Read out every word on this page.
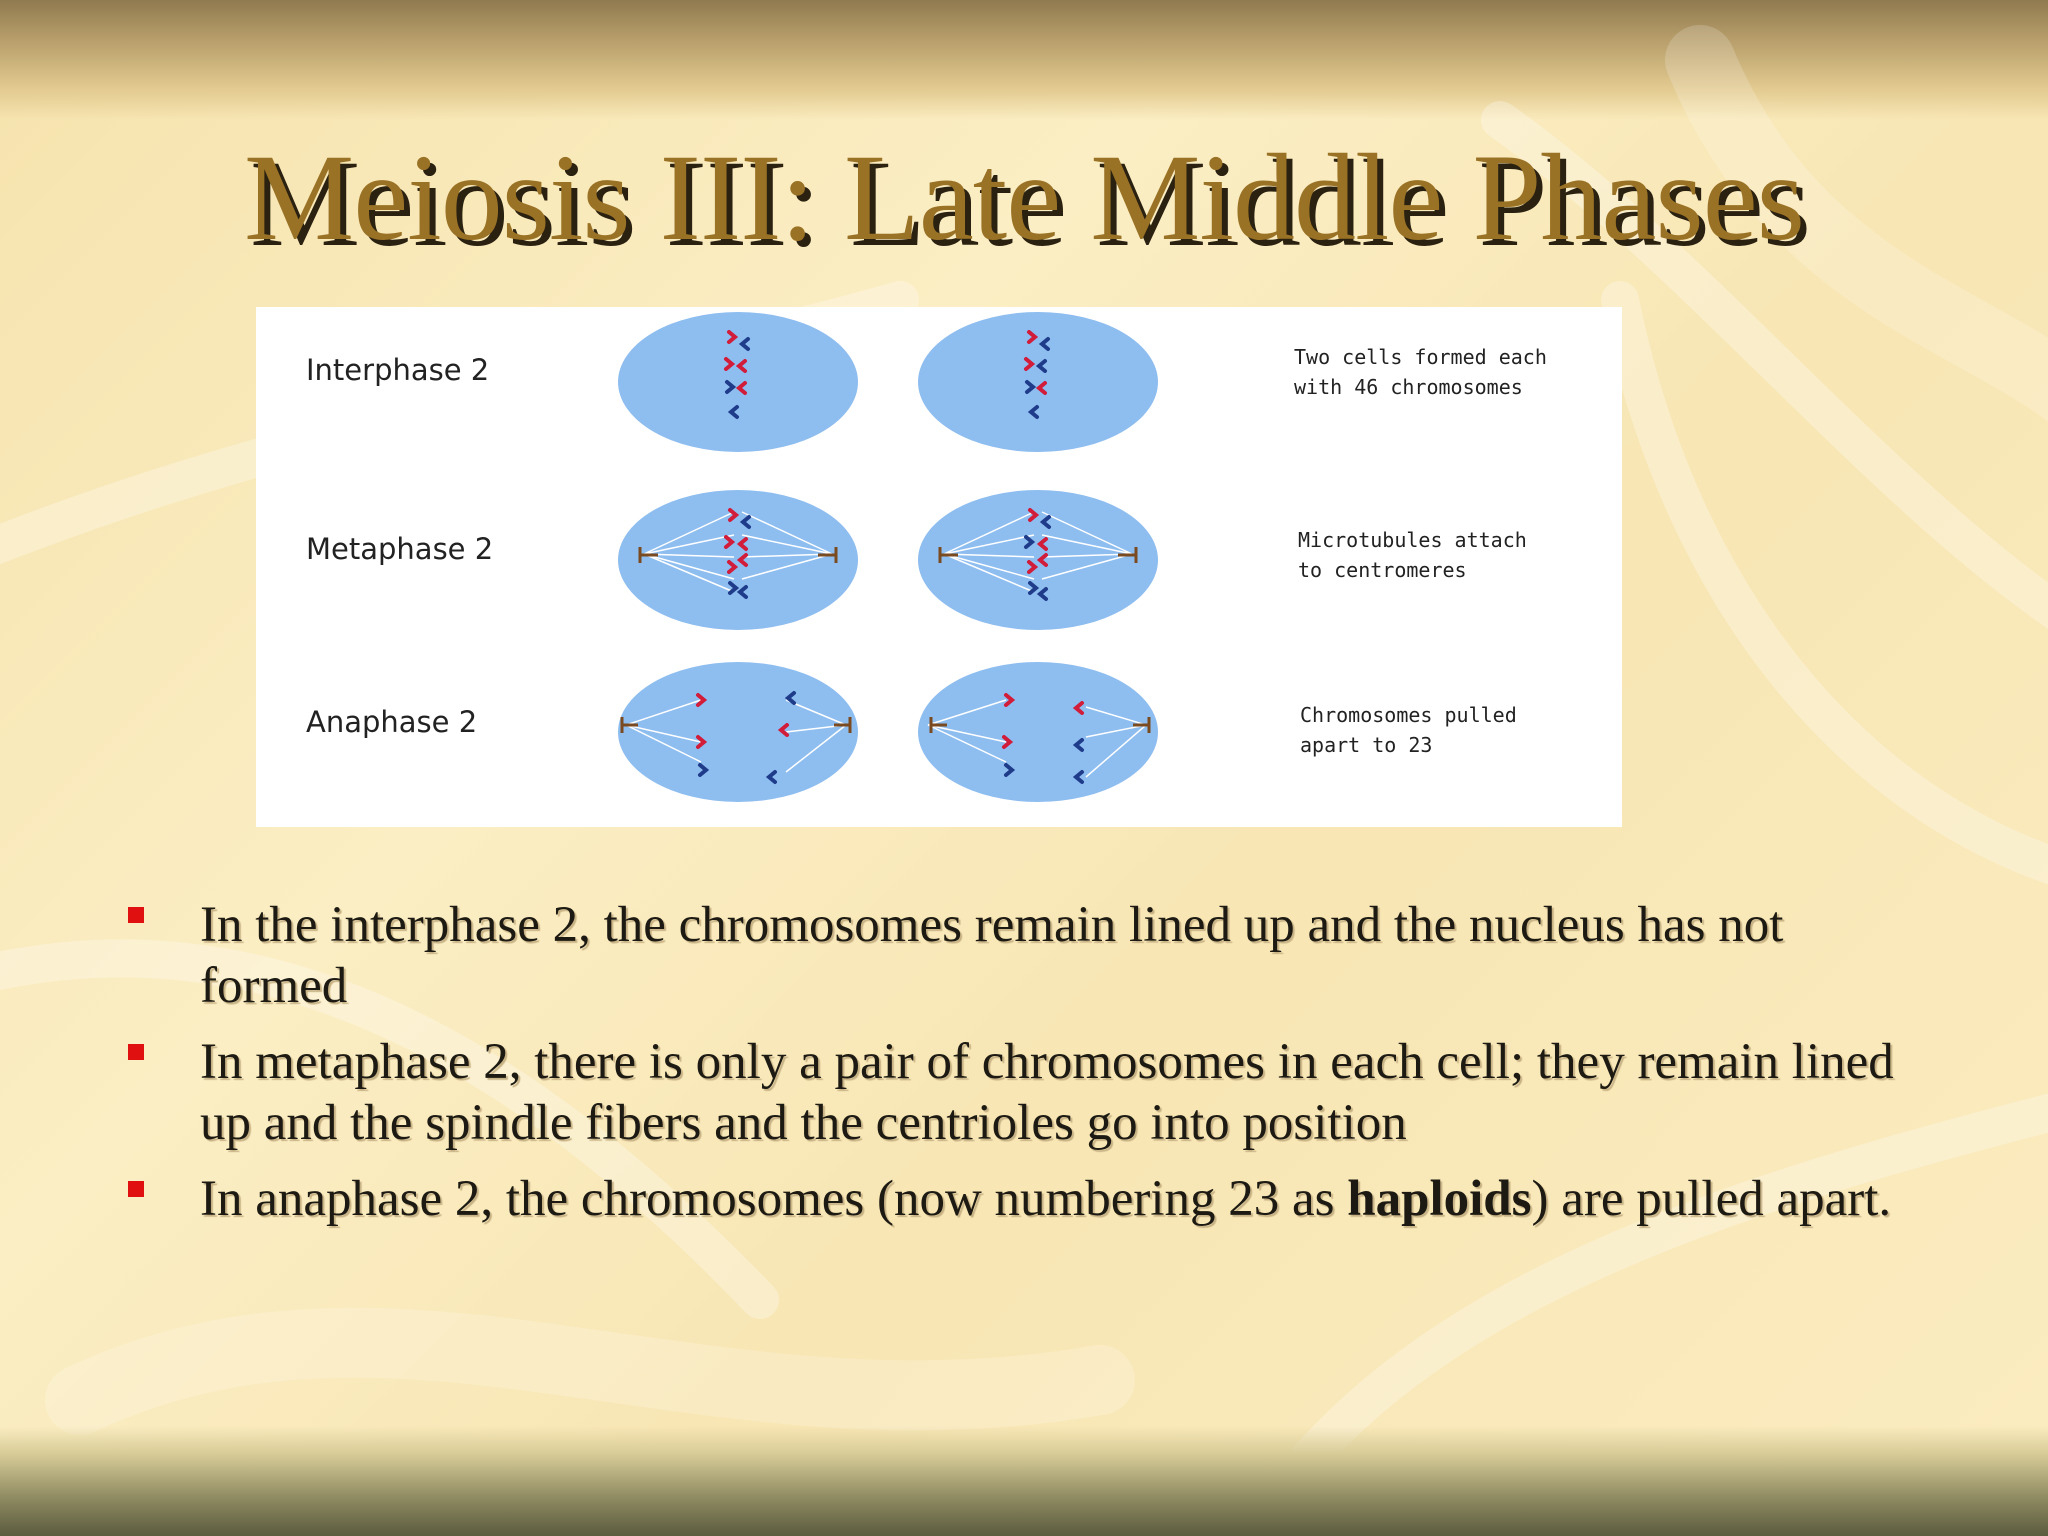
Meiosis III: Late Middle Phases
Interphase 2
Metaphase 2
Anaphase 2
Two cells formed each
with 46 chromosomes
Microtubules attach
to centromeres
Chromosomes pulled
apart to 23
In the interphase 2, the chromosomes remain lined up and the nucleus has not formed
In metaphase 2, there is only a pair of chromosomes in each cell; they remain lined up and the spindle fibers and the centrioles go into position
In anaphase 2, the chromosomes (now numbering 23 as haploids) are pulled apart.
